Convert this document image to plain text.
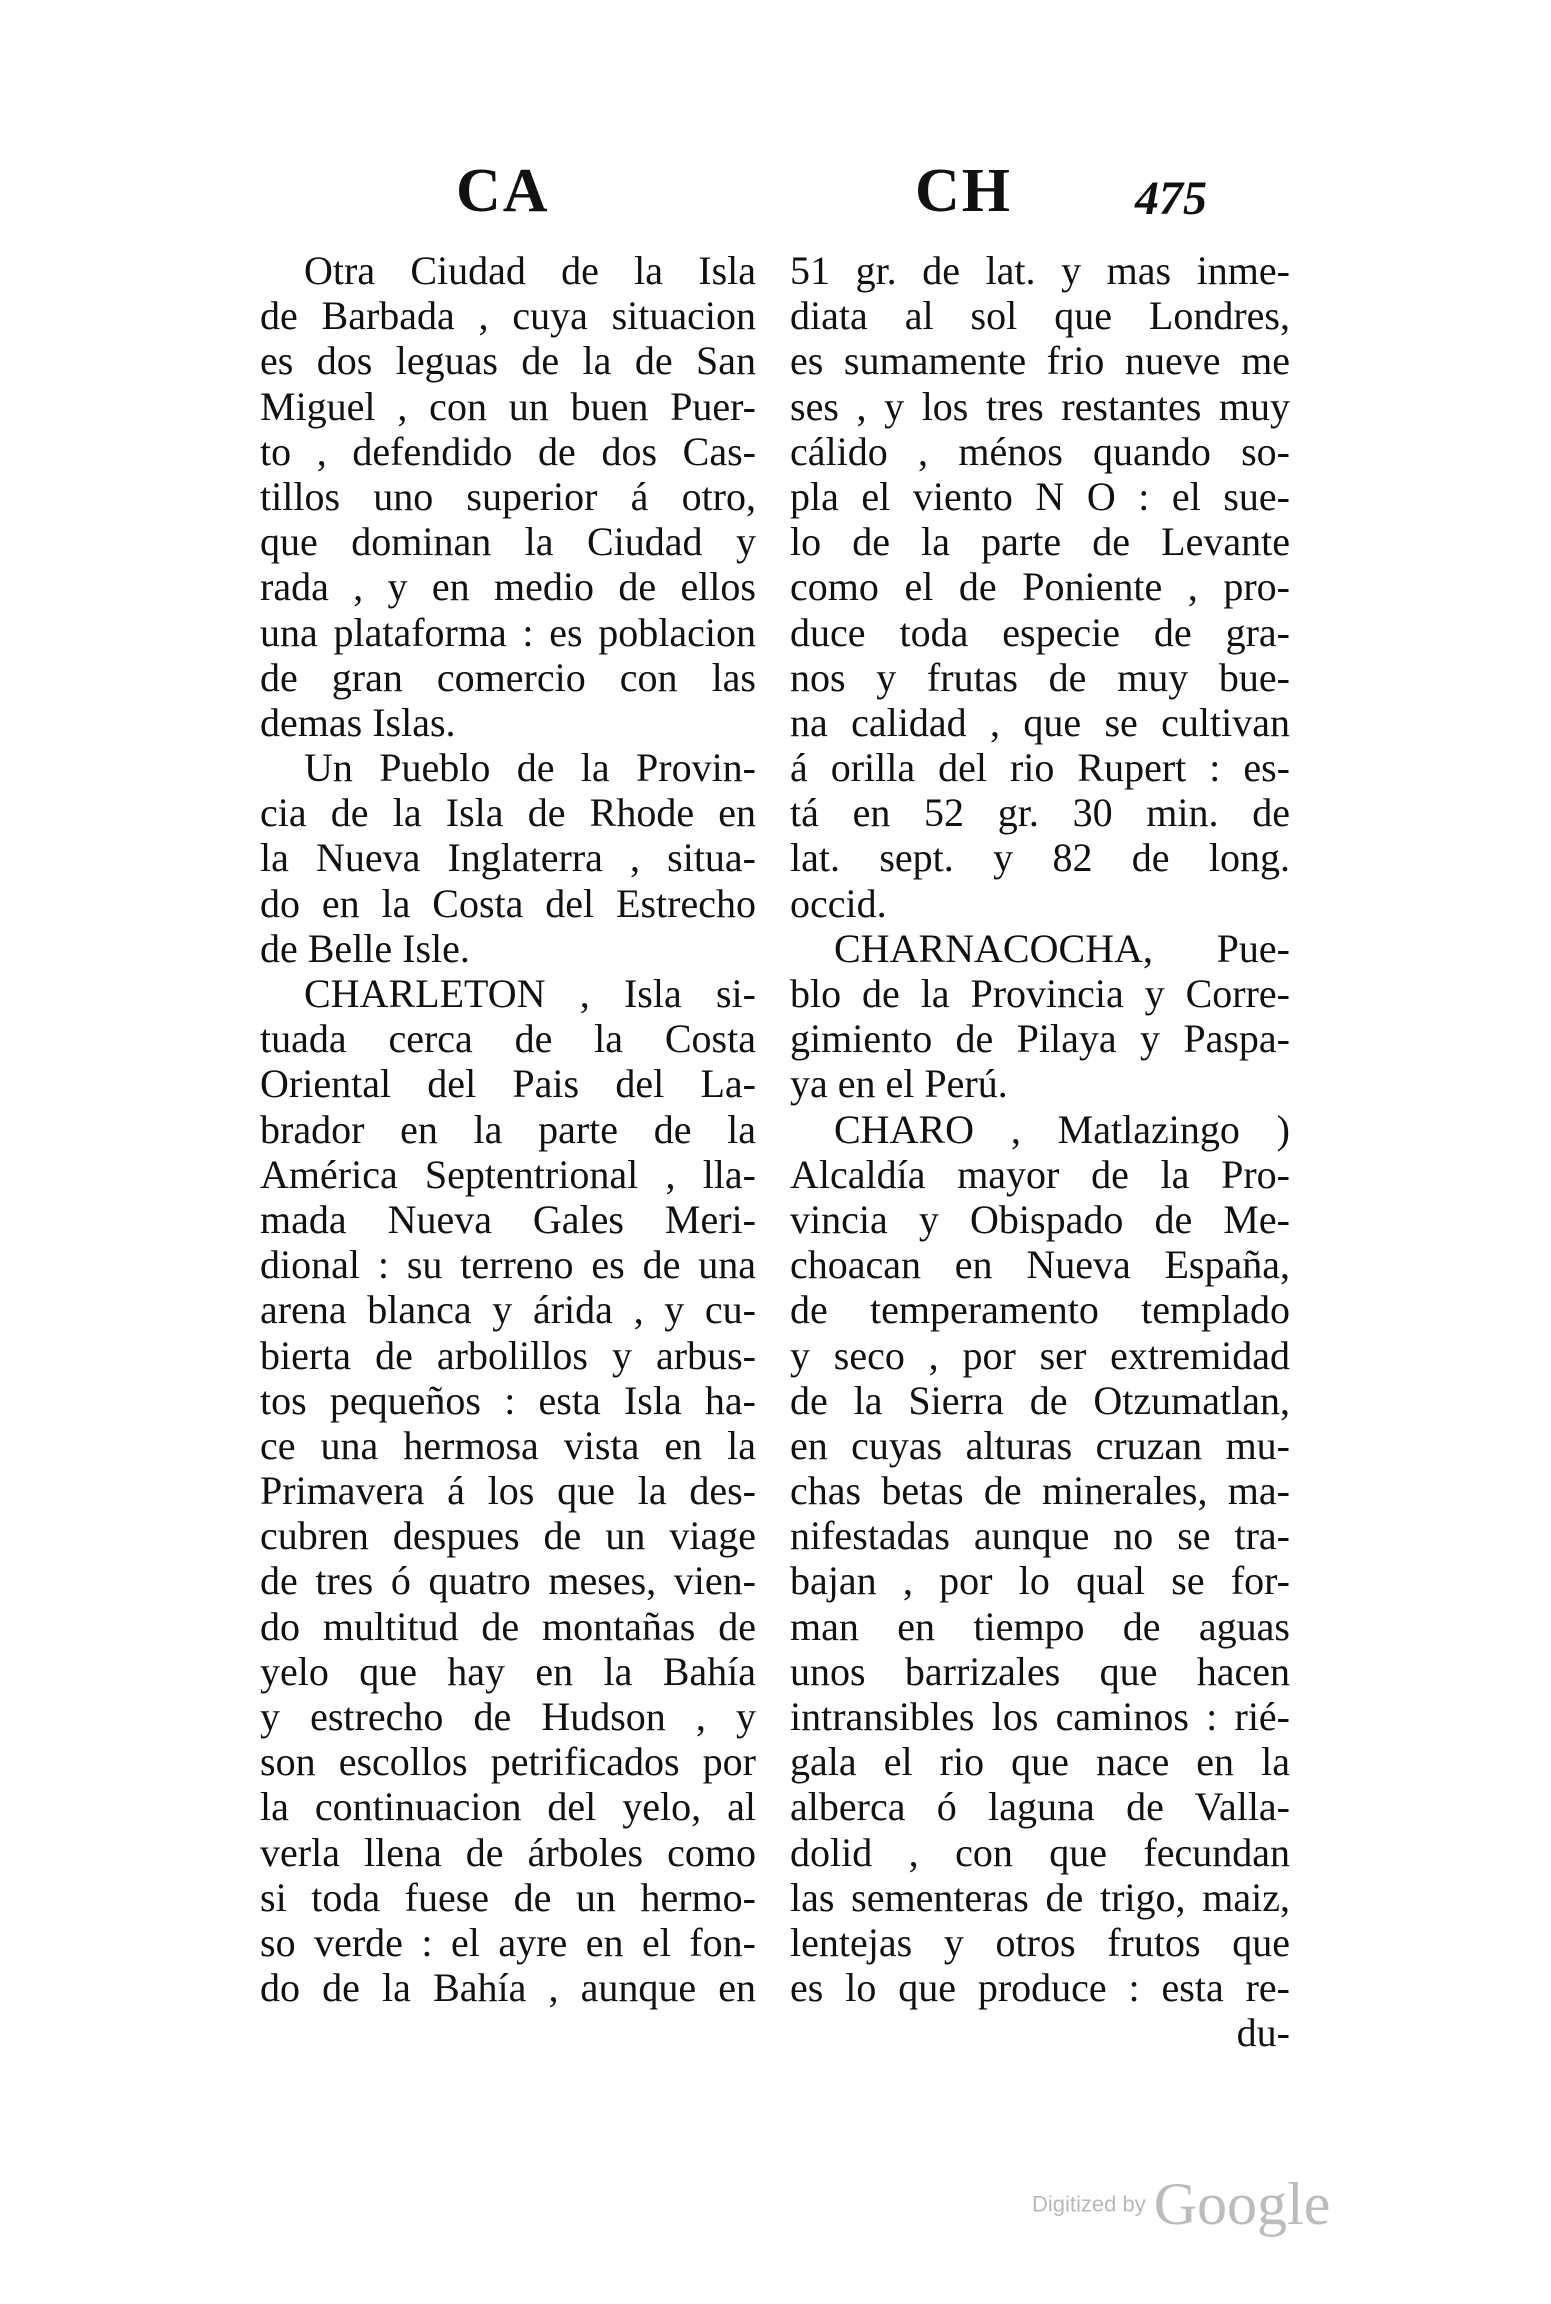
CA	CH	475
Otra Ciudad de la Isla
de Barbada , cuya situacion
es dos leguas de la de San
Miguel , con un buen Puer-
to , defendido de dos Cas-
tillos uno superior á otro,
que dominan la Ciudad y
rada , y en medio de ellos
una plataforma : es poblacion
de gran comercio con las
demas Islas.
Un Pueblo de la Provin-
cia de la Isla de Rhode en
la Nueva Inglaterra , situa-
do en la Costa del Estrecho
de Belle Isle.
CHARLETON , Isla si-
tuada cerca de la Costa
Oriental del Pais del La-
brador en la parte de la
América Septentrional , lla-
mada Nueva Gales Meri-
dional : su terreno es de una
arena blanca y árida , y cu-
bierta de arbolillos y arbus-
tos pequeños : esta Isla ha-
ce una hermosa vista en la
Primavera á los que la des-
cubren despues de un viage
de tres ó quatro meses, vien-
do multitud de montañas de
yelo que hay en la Bahía
y estrecho de Hudson , y
son escollos petrificados por
la continuacion del yelo, al
verla llena de árboles como
si toda fuese de un hermo-
so verde : el ayre en el fon-
do de la Bahía , aunque en
51 gr. de lat. y mas inme-
diata al sol que Londres,
es sumamente frio nueve me
ses , y los tres restantes muy
cálido , ménos quando so-
pla el viento N O : el sue-
lo de la parte de Levante
como el de Poniente , pro-
duce toda especie de gra-
nos y frutas de muy bue-
na calidad , que se cultivan
á orilla del rio Rupert : es-
tá en 52 gr. 30 min. de
lat. sept. y 82 de long.
occid.
CHARNACOCHA, Pue-
blo de la Provincia y Corre-
gimiento de Pilaya y Paspa-
ya en el Perú.
CHARO , Matlazingo )
Alcaldía mayor de la Pro-
vincia y Obispado de Me-
choacan en Nueva España,
de temperamento templado
y seco , por ser extremidad
de la Sierra de Otzumatlan,
en cuyas alturas cruzan mu-
chas betas de minerales, ma-
nifestadas aunque no se tra-
bajan , por lo qual se for-
man en tiempo de aguas
unos barrizales que hacen
intransibles los caminos : rié-
gala el rio que nace en la
alberca ó laguna de Valla-
dolid , con que fecundan
las sementeras de trigo, maiz,
lentejas y otros frutos que
es lo que produce : esta re-
du-
Digitized by Google
